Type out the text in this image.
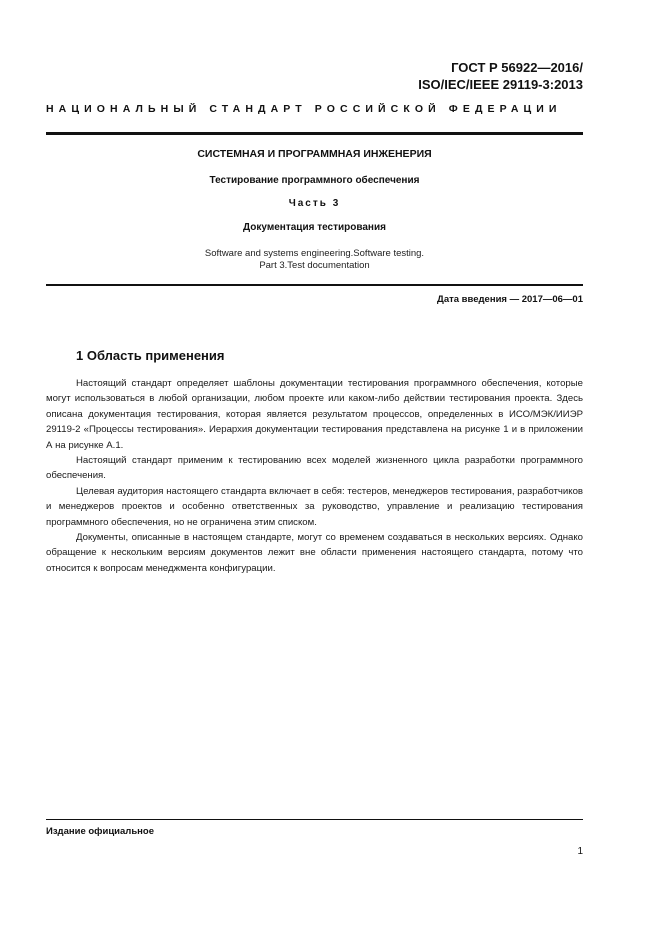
ГОСТ Р 56922—2016/
ISO/IEC/IEEE 29119-3:2013
НАЦИОНАЛЬНЫЙ СТАНДАРТ РОССИЙСКОЙ ФЕДЕРАЦИИ
СИСТЕМНАЯ И ПРОГРАММНАЯ ИНЖЕНЕРИЯ
Тестирование программного обеспечения
Часть 3
Документация тестирования
Software and systems engineering.Software testing.
Part 3.Test documentation
Дата введения — 2017—06—01
1 Область применения

Настоящий стандарт определяет шаблоны документации тестирования программного обеспечения, которые могут использоваться в любой организации, любом проекте или каком-либо действии тестирования проекта. Здесь описана документация тестирования, которая является результатом процессов, определенных в ИСО/МЭК/ИИЭР 29119-2 «Процессы тестирования». Иерархия документации тестирования представлена на рисунке 1 и в приложении А на рисунке А.1.

Настоящий стандарт применим к тестированию всех моделей жизненного цикла разработки программного обеспечения.

Целевая аудитория настоящего стандарта включает в себя: тестеров, менеджеров тестирования, разработчиков и менеджеров проектов и особенно ответственных за руководство, управление и реализацию тестирования программного обеспечения, но не ограничена этим списком.

Документы, описанные в настоящем стандарте, могут со временем создаваться в нескольких версиях. Однако обращение к нескольким версиям документов лежит вне области применения настоящего стандарта, потому что относится к вопросам менеджмента конфигурации.

Издание официальное
1
